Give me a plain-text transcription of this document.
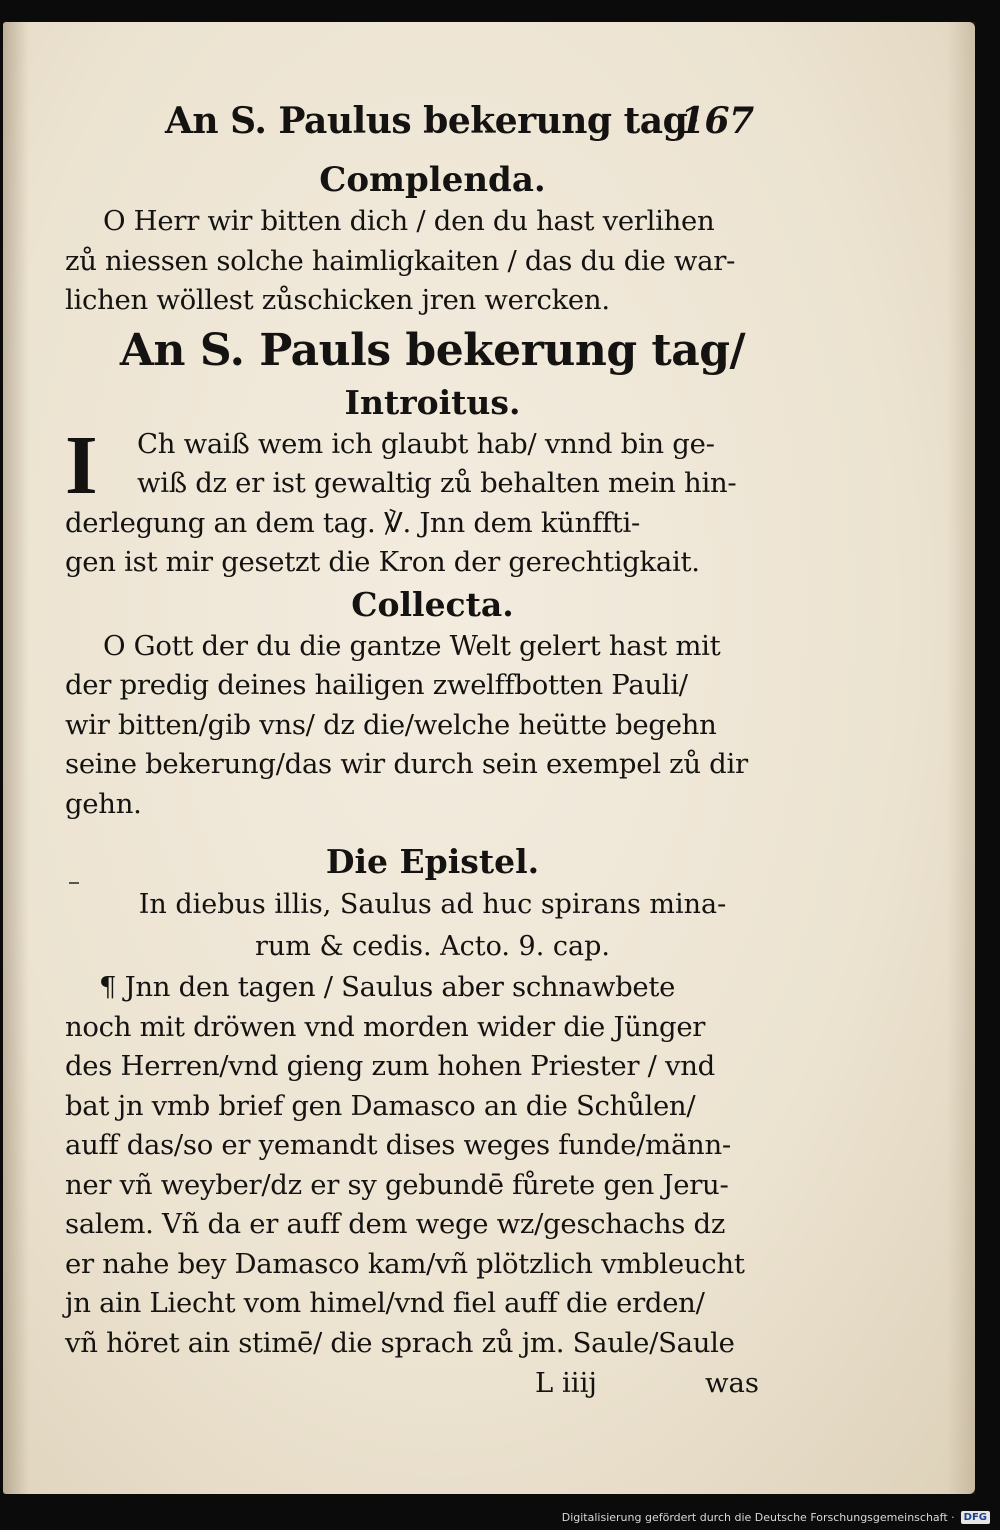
An S. Paulus bekerung tag·
167
Complenda.
O Herr wir bitten dich / den du hast verlihen
zů niessen solche haimligkaiten / das du die war-
lichen wöllest zůschicken jren wercken.
An S. Pauls bekerung tag/
Introitus.
I	Ch waiß wem ich glaubt hab/ vnnd bin ge-
wiß dz er ist gewaltig zů behalten mein hin-
derlegung an dem tag. ℣. Jnn dem künffti-
gen ist mir gesetzt die Kron der gerechtigkait.
Collecta.
O Gott der du die gantze Welt gelert hast mit
der predig deines hailigen zwelffbotten Pauli/
wir bitten/gib vns/ dz die/welche heütte begehn
seine bekerung/das wir durch sein exempel zů dir
gehn.
Die Epistel.
In diebus illis, Saulus ad huc spirans mina-
rum & cedis. Acto. 9. cap.
¶ Jnn den tagen / Saulus aber schnawbete
noch mit dröwen vnd morden wider die Jünger
des Herren/vnd gieng zum hohen Priester / vnd
bat jn vmb brief gen Damasco an die Schůlen/
auff das/so er yemandt dises weges funde/männ-
ner vñ weyber/dz er sy gebundē fůrete gen Jeru-
salem. Vñ da er auff dem wege wz/geschachs dz
er nahe bey Damasco kam/vñ plötzlich vmbleucht
jn ain Liecht vom himel/vnd fiel auff die erden/
vñ höret ain stimē/ die sprach zů jm. Saule/Saule
L iiij	was
Digitalisierung gefördert durch die Deutsche Forschungsgemeinschaft · DFG
